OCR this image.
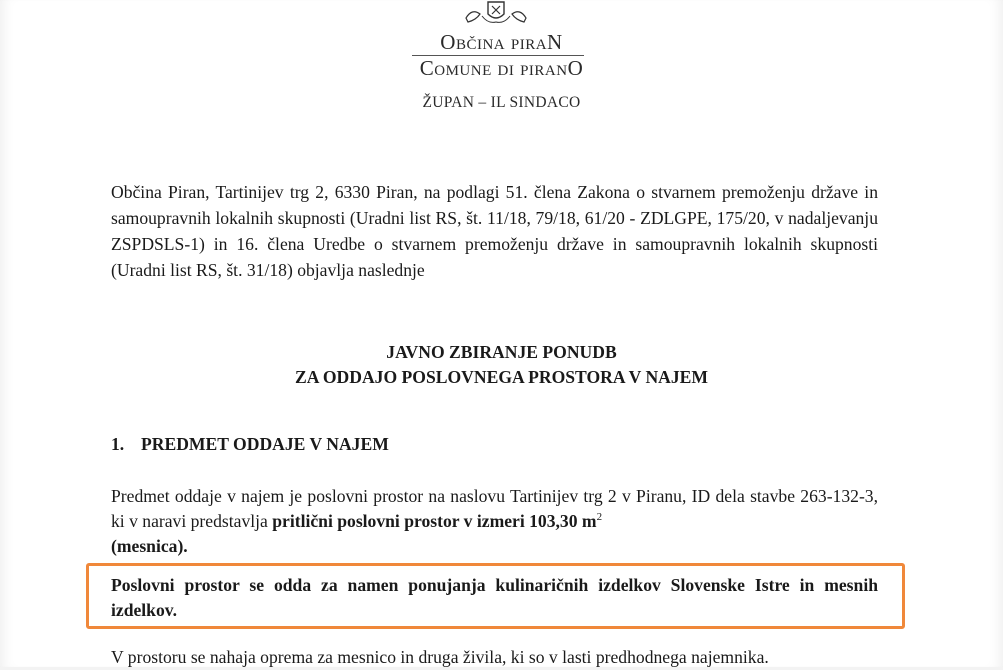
Občina piraN
Comune di piranO
ŽUPAN – IL SINDACO
Občina Piran, Tartinijev trg 2, 6330 Piran, na podlagi 51. člena Zakona o stvarnem premoženju države in samoupravnih lokalnih skupnosti (Uradni list RS, št. 11/18, 79/18, 61/20 - ZDLGPE, 175/20, v nadaljevanju ZSPDSLS-1) in 16. člena Uredbe o stvarnem premoženju države in samoupravnih lokalnih skupnosti (Uradni list RS, št. 31/18) objavlja naslednje
JAVNO ZBIRANJE PONUDB
ZA ODDAJO POSLOVNEGA PROSTORA V NAJEM
1. PREDMET ODDAJE V NAJEM
Predmet oddaje v najem je poslovni prostor na naslovu Tartinijev trg 2 v Piranu, ID dela stavbe 263-132-3, ki v naravi predstavlja pritlični poslovni prostor v izmeri 103,30 $m^2$
(mesnica).
Poslovni prostor se odda za namen ponujanja kulinaričnih izdelkov Slovenske Istre in mesnih izdelkov.
V prostoru se nahaja oprema za mesnico in druga živila, ki so v lasti predhodnega najemnika.
